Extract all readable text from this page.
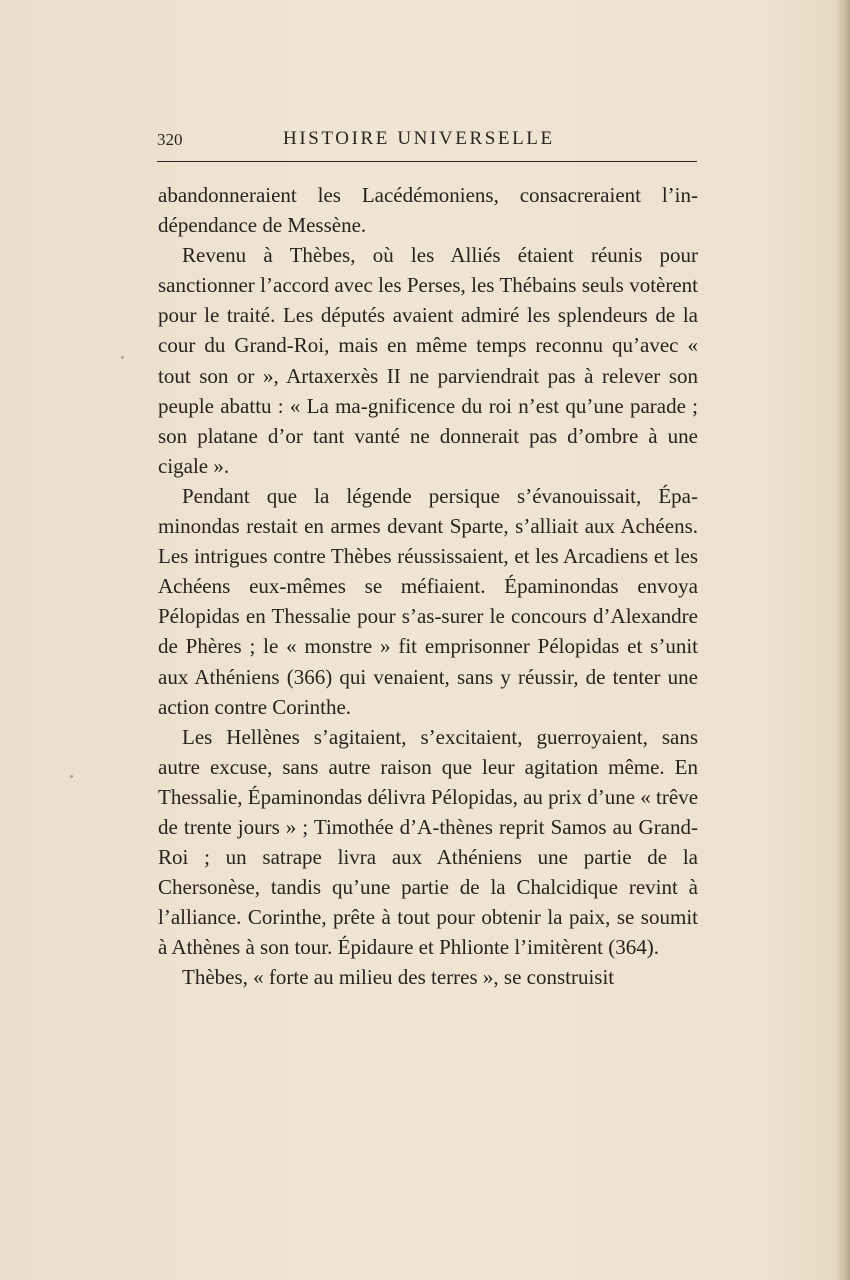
320	HISTOIRE UNIVERSELLE

abandonneraient les Lacédémoniens, consacreraient l’in-dépendance de Messène.

Revenu à Thèbes, où les Alliés étaient réunis pour sanctionner l’accord avec les Perses, les Thébains seuls votèrent pour le traité. Les députés avaient admiré les splendeurs de la cour du Grand-Roi, mais en même temps reconnu qu’avec « tout son or », Artaxerxès II ne parviendrait pas à relever son peuple abattu : « La ma-gnificence du roi n’est qu’une parade ; son platane d’or tant vanté ne donnerait pas d’ombre à une cigale ».

Pendant que la légende persique s’évanouissait, Épa-minondas restait en armes devant Sparte, s’alliait aux Achéens. Les intrigues contre Thèbes réussissaient, et les Arcadiens et les Achéens eux-mêmes se méfiaient. Épaminondas envoya Pélopidas en Thessalie pour s’as-surer le concours d’Alexandre de Phères ; le « monstre » fit emprisonner Pélopidas et s’unit aux Athéniens (366) qui venaient, sans y réussir, de tenter une action contre Corinthe.

Les Hellènes s’agitaient, s’excitaient, guerroyaient, sans autre excuse, sans autre raison que leur agitation même. En Thessalie, Épaminondas délivra Pélopidas, au prix d’une « trêve de trente jours » ; Timothée d’A-thènes reprit Samos au Grand-Roi ; un satrape livra aux Athéniens une partie de la Chersonèse, tandis qu’une partie de la Chalcidique revint à l’alliance. Corinthe, prête à tout pour obtenir la paix, se soumit à Athènes à son tour. Épidaure et Phlionte l’imitèrent (364).

Thèbes, « forte au milieu des terres », se construisit
